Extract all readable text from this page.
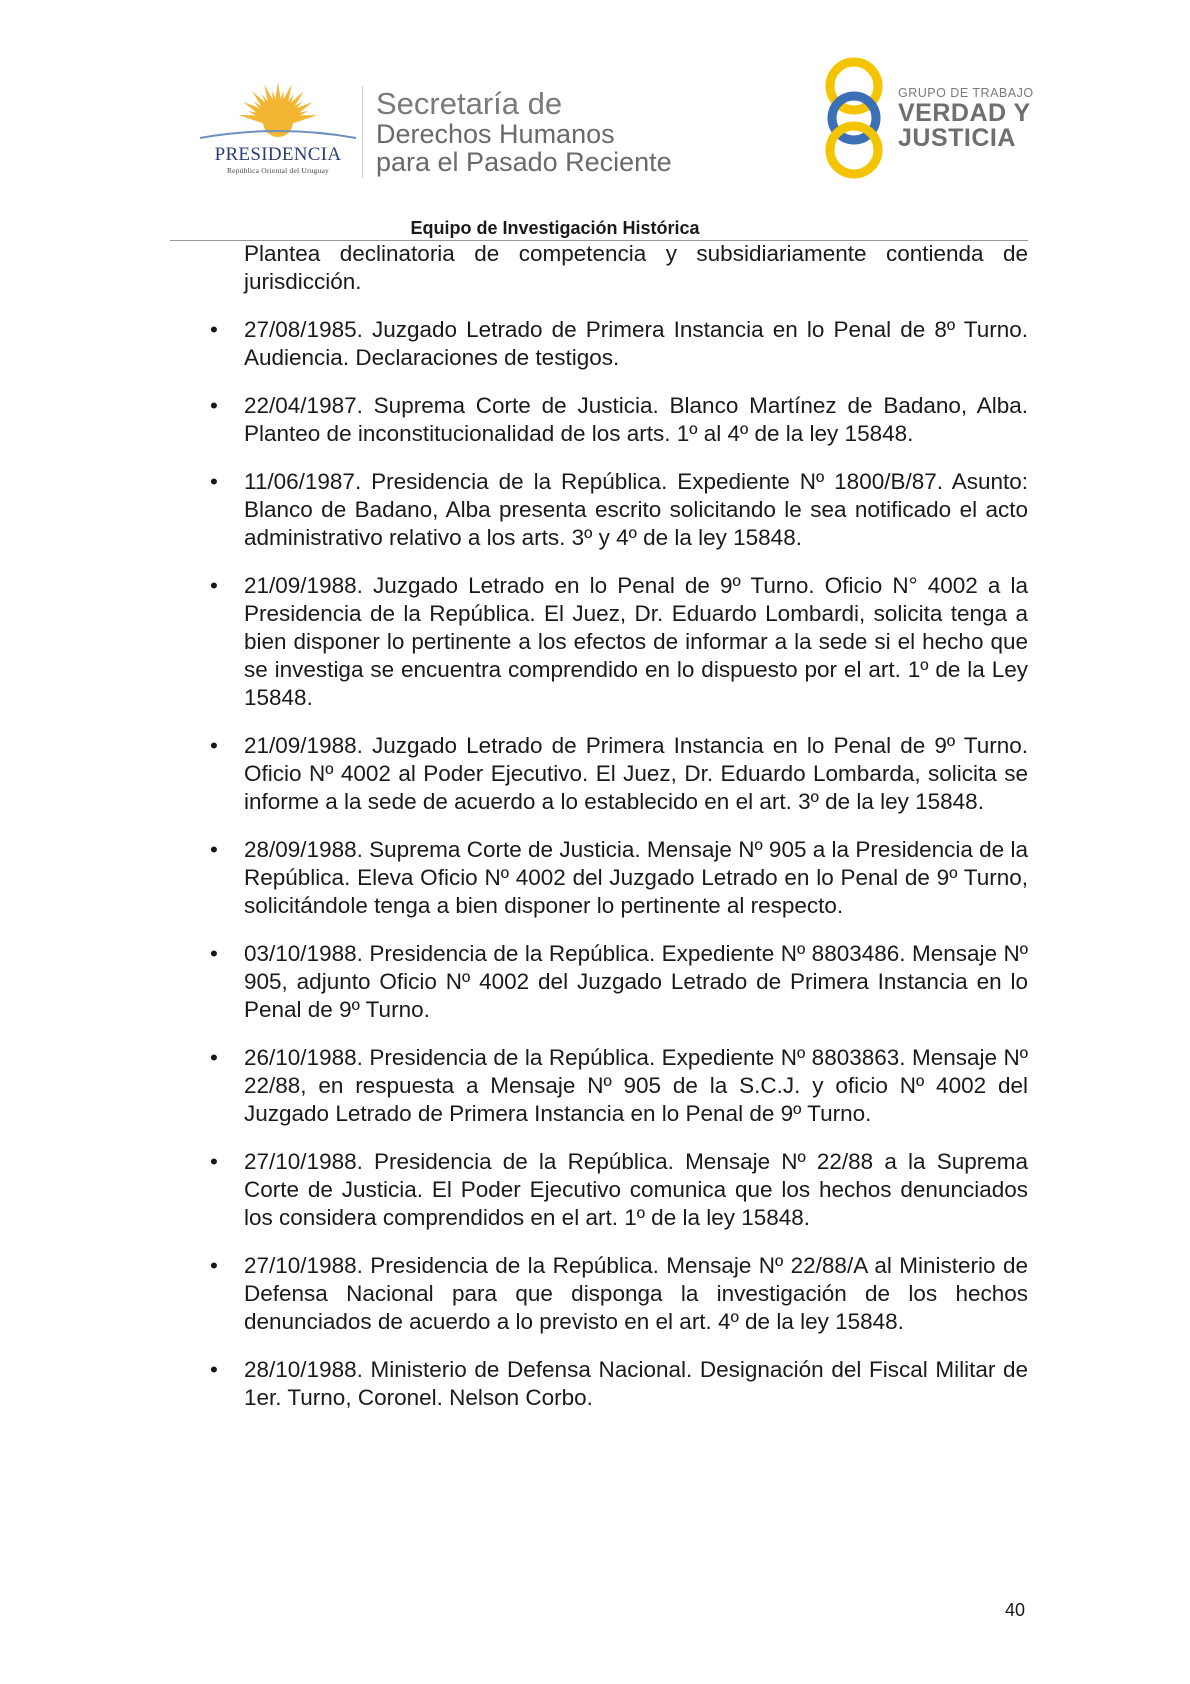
PRESIDENCIA
República Oriental del Uruguay
Secretaría de
Derechos Humanos
para el Pasado Reciente
GRUPO DE TRABAJO
VERDAD Y
JUSTICIA
Equipo de Investigación Histórica

Plantea declinatoria de competencia y subsidiariamente contienda de jurisdicción.

• 27/08/1985. Juzgado Letrado de Primera Instancia en lo Penal de 8º Turno. Audiencia. Declaraciones de testigos.
• 22/04/1987. Suprema Corte de Justicia. Blanco Martínez de Badano, Alba. Planteo de inconstitucionalidad de los arts. 1º al 4º de la ley 15848.
• 11/06/1987. Presidencia de la República. Expediente Nº 1800/B/87. Asunto: Blanco de Badano, Alba presenta escrito solicitando le sea notificado el acto administrativo relativo a los arts. 3º y 4º de la ley 15848.
• 21/09/1988. Juzgado Letrado en lo Penal de 9º Turno. Oficio N° 4002 a la Presidencia de la República. El Juez, Dr. Eduardo Lombardi, solicita tenga a bien disponer lo pertinente a los efectos de informar a la sede si el hecho que se investiga se encuentra comprendido en lo dispuesto por el art. 1º de la Ley 15848.
• 21/09/1988. Juzgado Letrado de Primera Instancia en lo Penal de 9º Turno. Oficio Nº 4002 al Poder Ejecutivo. El Juez, Dr. Eduardo Lombarda, solicita se informe a la sede de acuerdo a lo establecido en el art. 3º de la ley 15848.
• 28/09/1988. Suprema Corte de Justicia. Mensaje Nº 905 a la Presidencia de la República. Eleva Oficio Nº 4002 del Juzgado Letrado en lo Penal de 9º Turno, solicitándole tenga a bien disponer lo pertinente al respecto.
• 03/10/1988. Presidencia de la República. Expediente Nº 8803486. Mensaje Nº 905, adjunto Oficio Nº 4002 del Juzgado Letrado de Primera Instancia en lo Penal de 9º Turno.
• 26/10/1988. Presidencia de la República. Expediente Nº 8803863. Mensaje Nº 22/88, en respuesta a Mensaje Nº 905 de la S.C.J. y oficio Nº 4002 del Juzgado Letrado de Primera Instancia en lo Penal de 9º Turno.
• 27/10/1988. Presidencia de la República. Mensaje Nº 22/88 a la Suprema Corte de Justicia. El Poder Ejecutivo comunica que los hechos denunciados los considera comprendidos en el art. 1º de la ley 15848.
• 27/10/1988. Presidencia de la República. Mensaje Nº 22/88/A al Ministerio de Defensa Nacional para que disponga la investigación de los hechos denunciados de acuerdo a lo previsto en el art. 4º de la ley 15848.
• 28/10/1988. Ministerio de Defensa Nacional. Designación del Fiscal Militar de 1er. Turno, Coronel. Nelson Corbo.
40
